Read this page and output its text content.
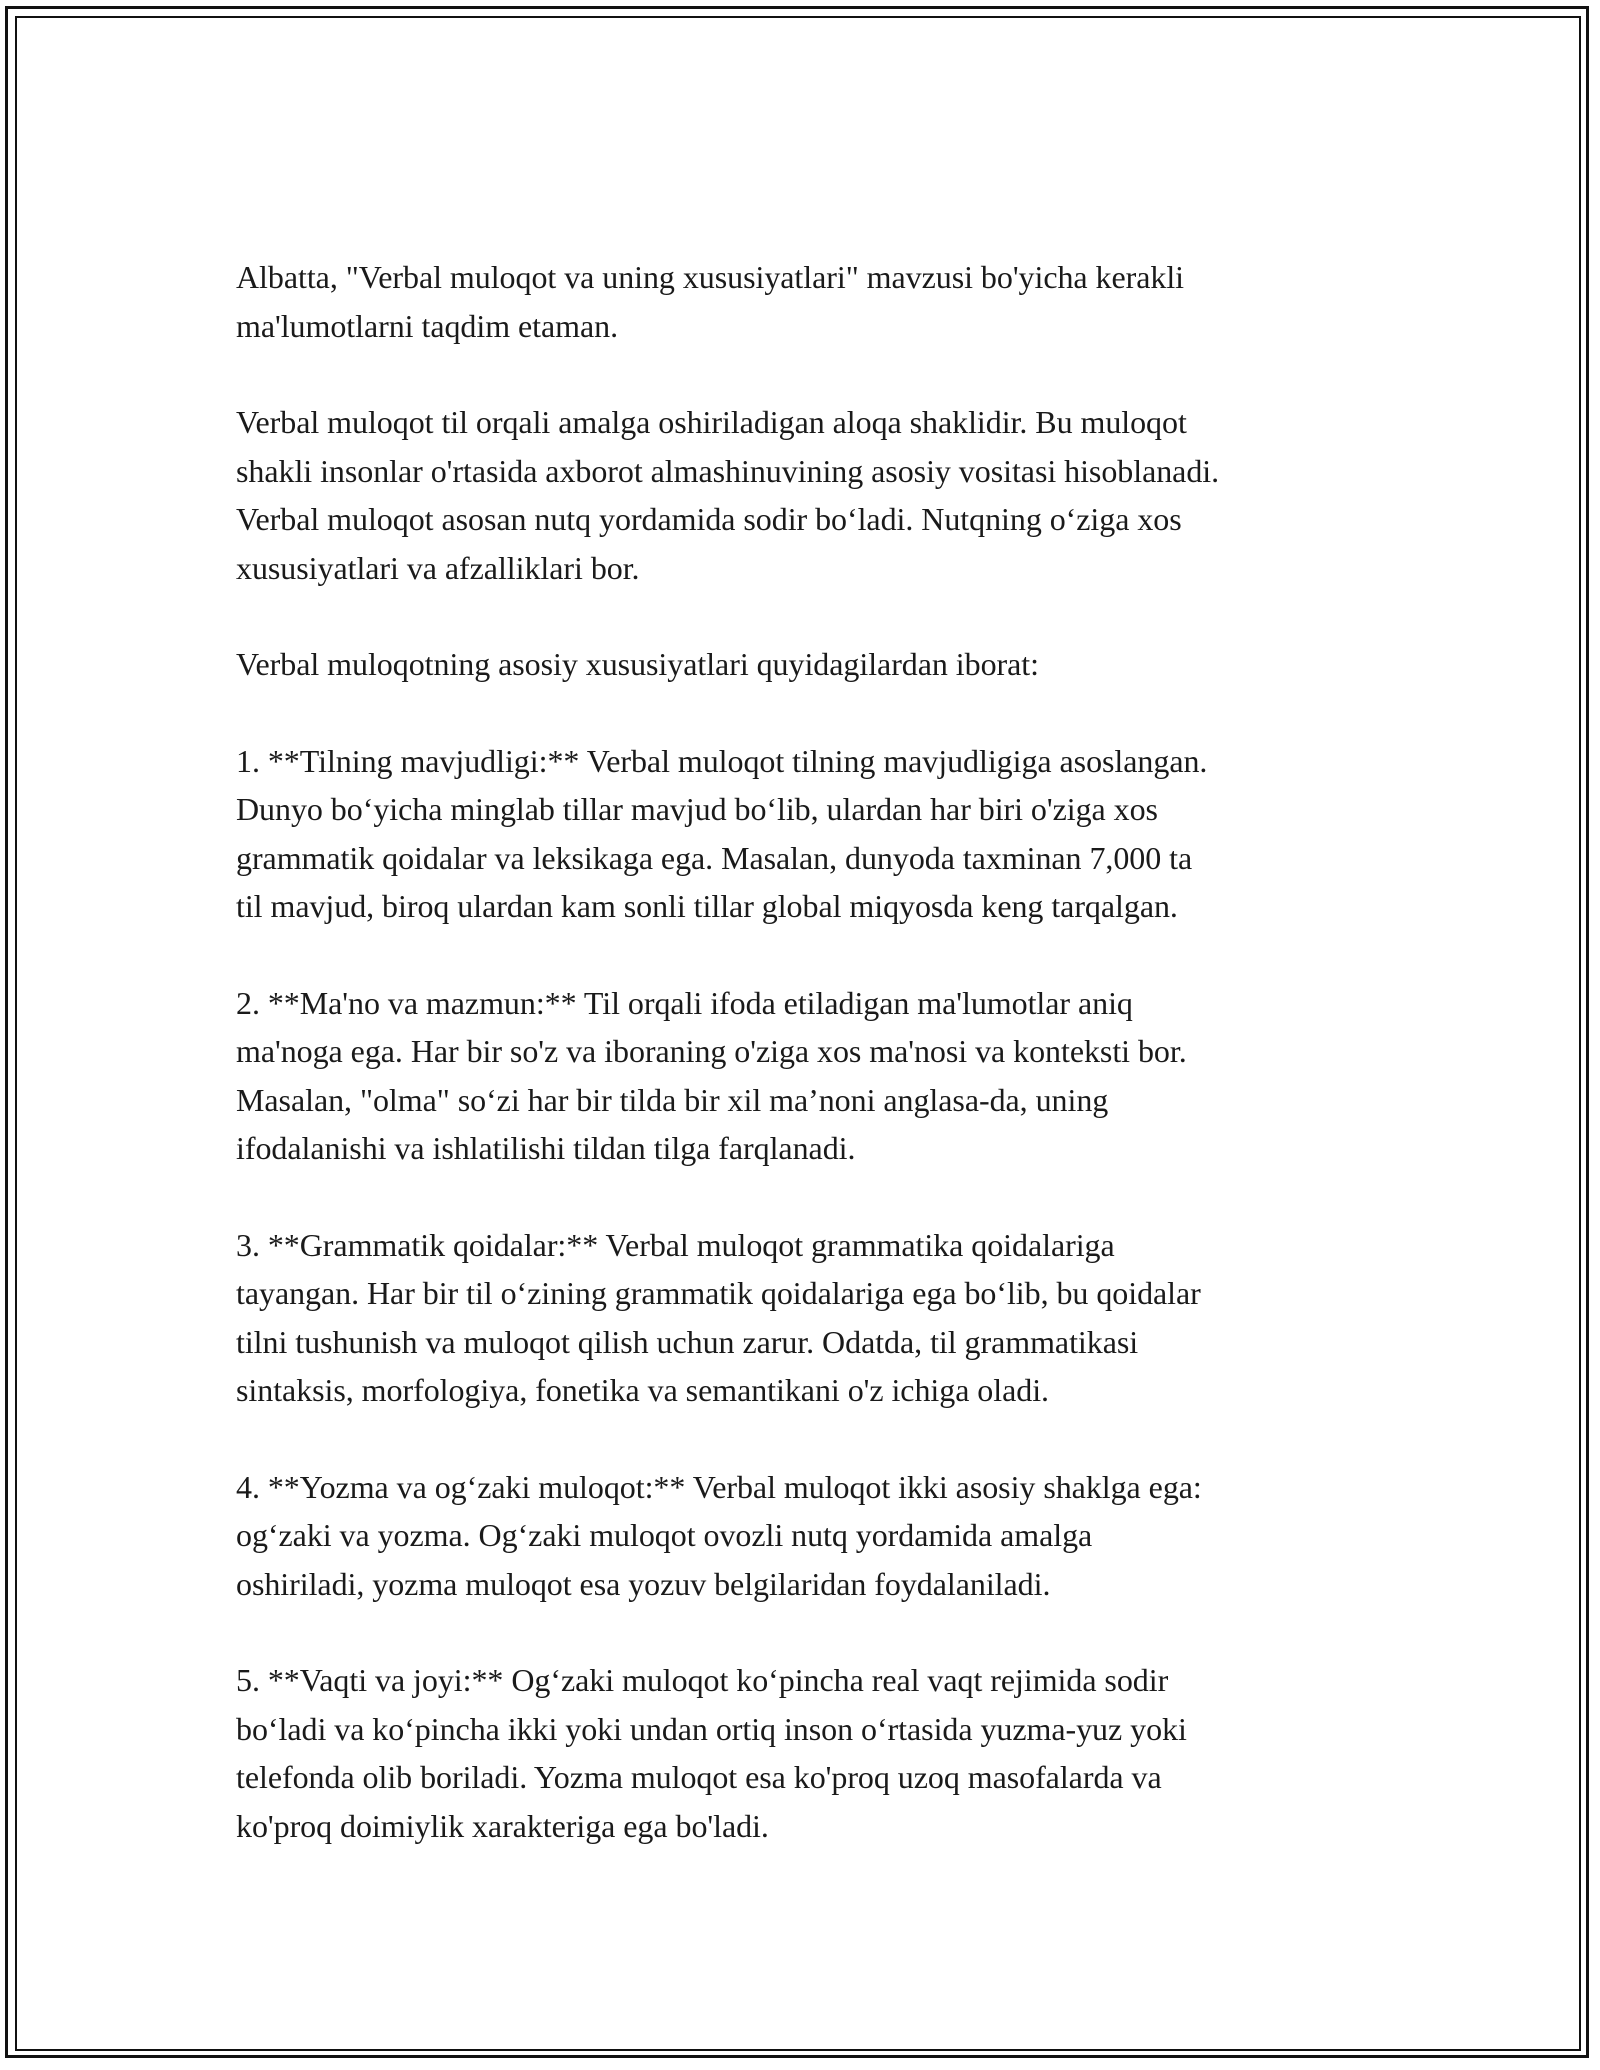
Albatta, "Verbal muloqot va uning xususiyatlari" mavzusi bo'yicha kerakli
ma'lumotlarni taqdim etaman.

Verbal muloqot til orqali amalga oshiriladigan aloqa shaklidir. Bu muloqot
shakli insonlar o'rtasida axborot almashinuvining asosiy vositasi hisoblanadi.
Verbal muloqot asosan nutq yordamida sodir bo‘ladi. Nutqning o‘ziga xos
xususiyatlari va afzalliklari bor.

Verbal muloqotning asosiy xususiyatlari quyidagilardan iborat:

1. **Tilning mavjudligi:** Verbal muloqot tilning mavjudligiga asoslangan.
Dunyo bo‘yicha minglab tillar mavjud bo‘lib, ulardan har biri o'ziga xos
grammatik qoidalar va leksikaga ega. Masalan, dunyoda taxminan 7,000 ta
til mavjud, biroq ulardan kam sonli tillar global miqyosda keng tarqalgan.

2. **Ma'no va mazmun:** Til orqali ifoda etiladigan ma'lumotlar aniq
ma'noga ega. Har bir so'z va iboraning o'ziga xos ma'nosi va konteksti bor.
Masalan, "olma" so‘zi har bir tilda bir xil ma’noni anglasa-da, uning
ifodalanishi va ishlatilishi tildan tilga farqlanadi.

3. **Grammatik qoidalar:** Verbal muloqot grammatika qoidalariga
tayangan. Har bir til o‘zining grammatik qoidalariga ega bo‘lib, bu qoidalar
tilni tushunish va muloqot qilish uchun zarur. Odatda, til grammatikasi
sintaksis, morfologiya, fonetika va semantikani o'z ichiga oladi.

4. **Yozma va og‘zaki muloqot:** Verbal muloqot ikki asosiy shaklga ega:
og‘zaki va yozma. Og‘zaki muloqot ovozli nutq yordamida amalga
oshiriladi, yozma muloqot esa yozuv belgilaridan foydalaniladi.

5. **Vaqti va joyi:** Og‘zaki muloqot ko‘pincha real vaqt rejimida sodir
bo‘ladi va ko‘pincha ikki yoki undan ortiq inson o‘rtasida yuzma-yuz yoki
telefonda olib boriladi. Yozma muloqot esa ko'proq uzoq masofalarda va
ko'proq doimiylik xarakteriga ega bo'ladi.
